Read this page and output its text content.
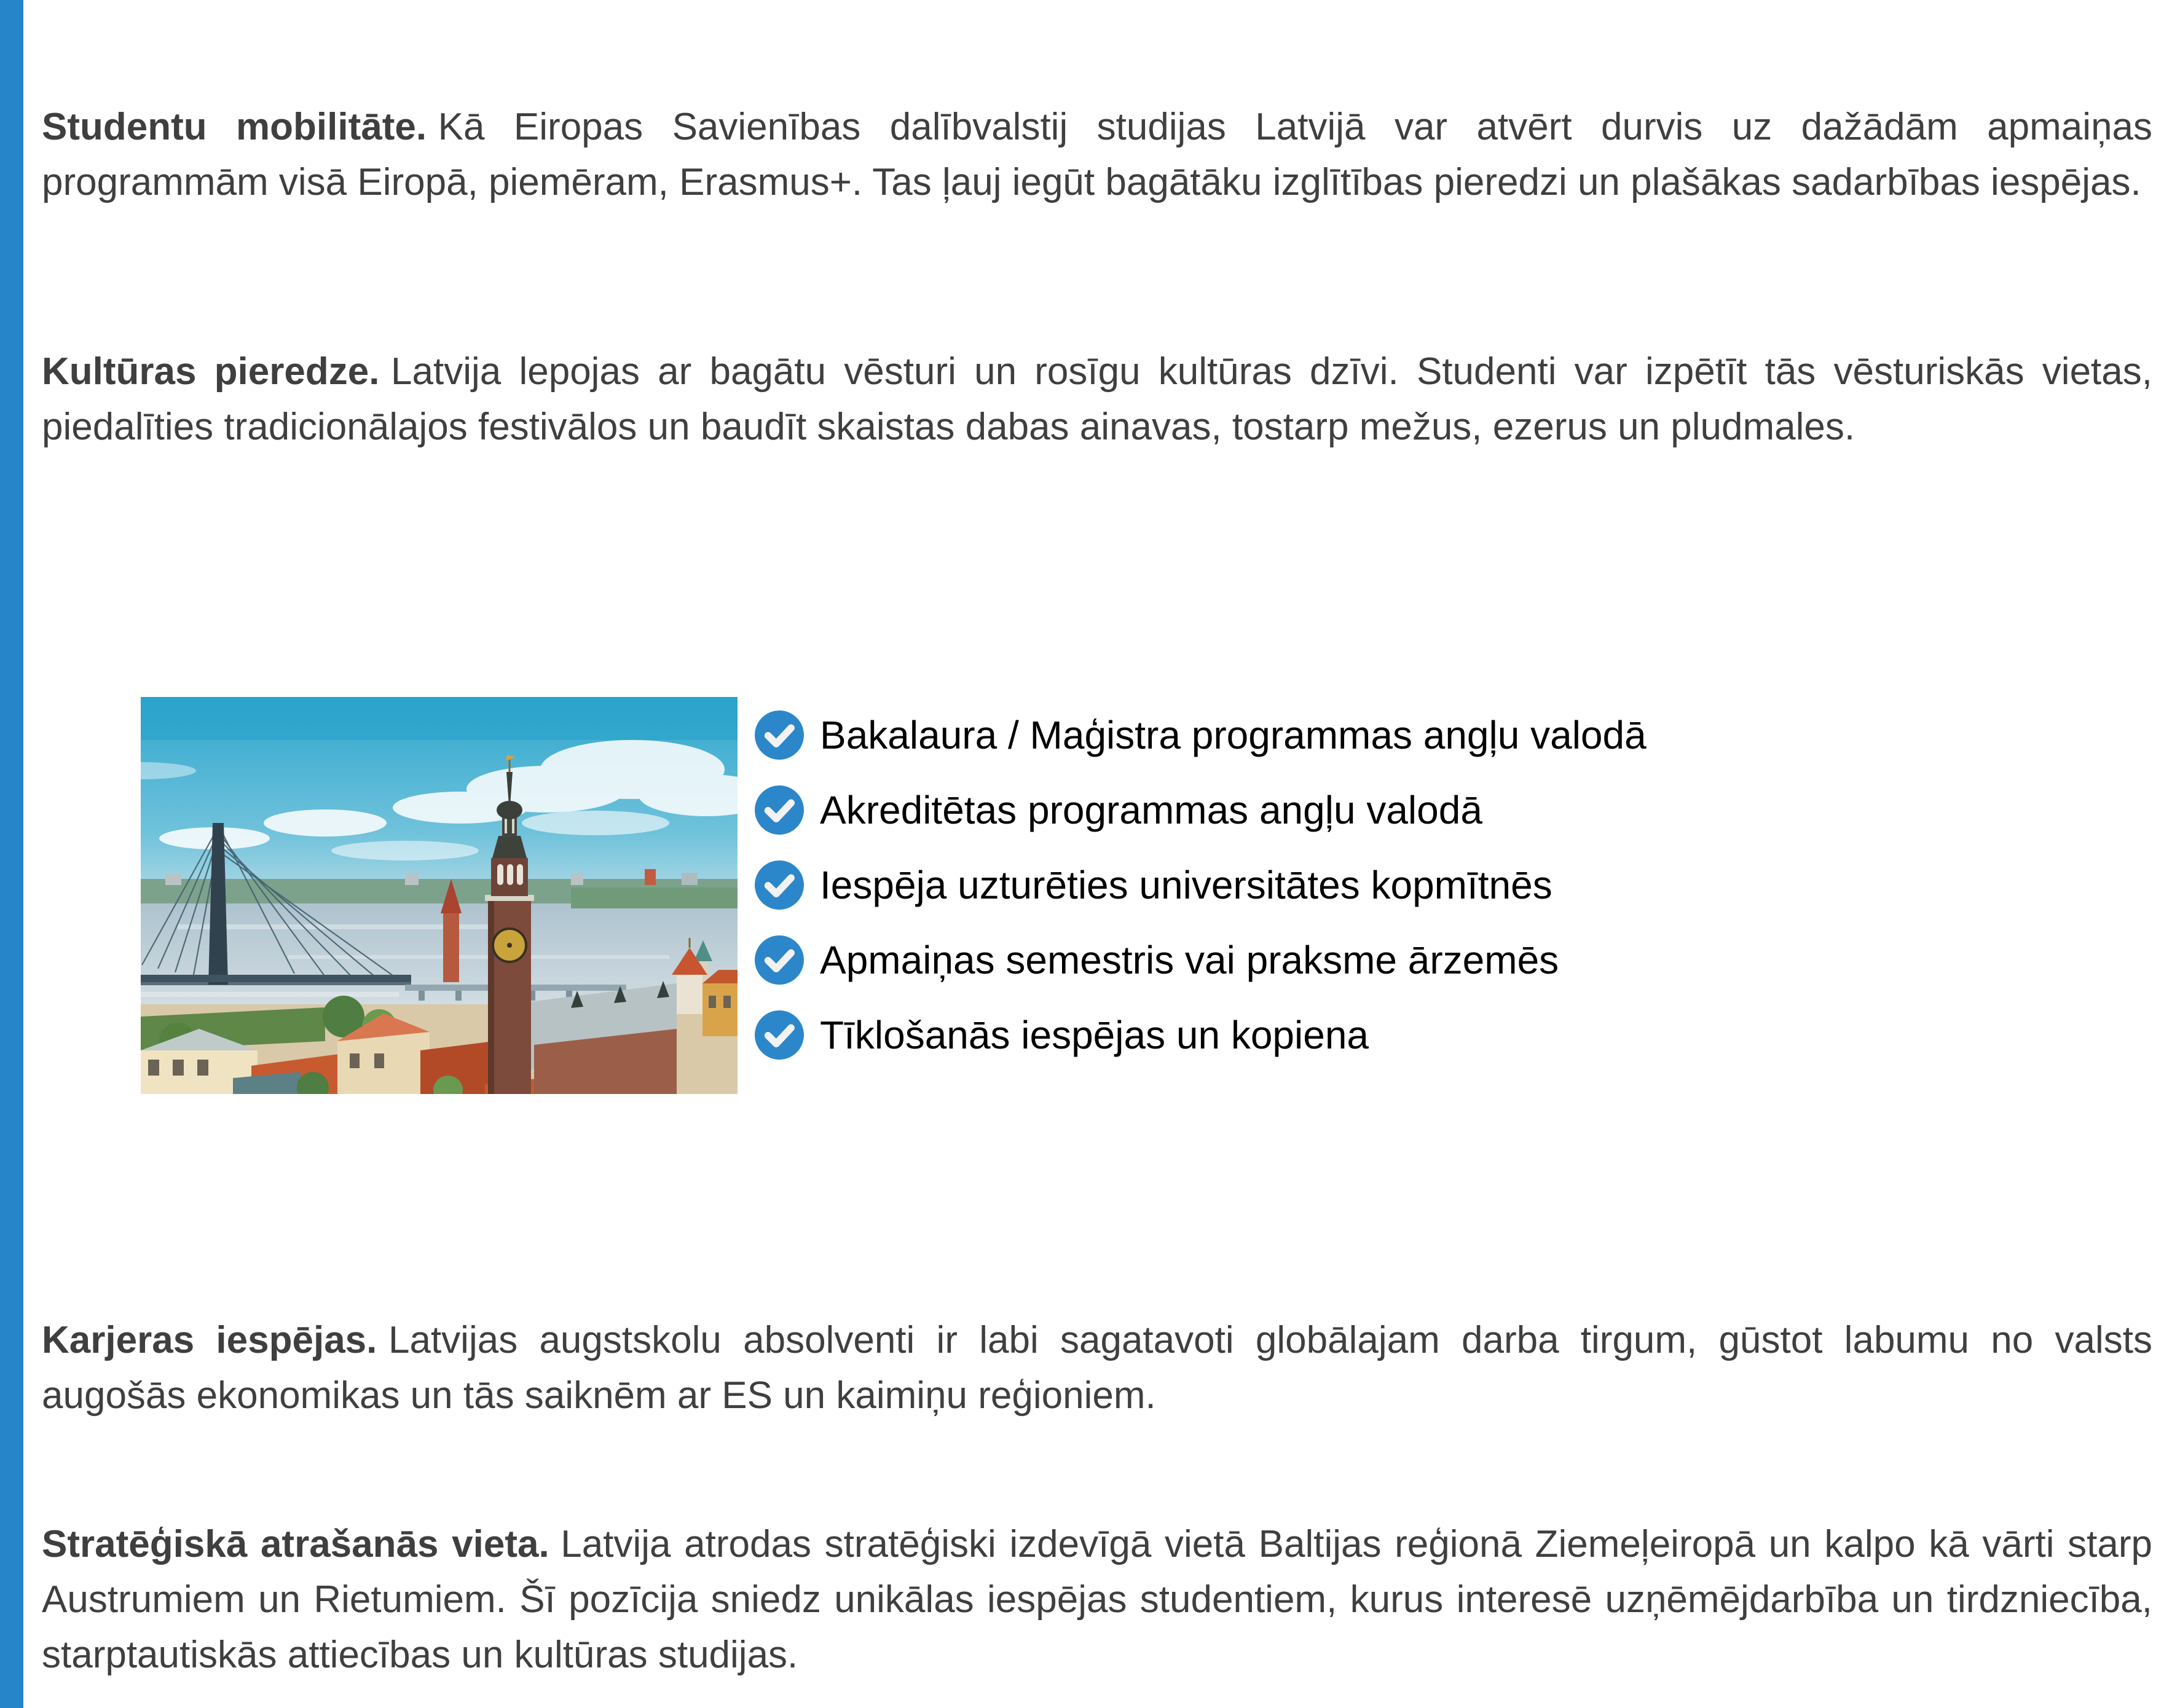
Studentu mobilitāte. Kā Eiropas Savienības dalībvalstij studijas Latvijā var atvērt durvis uz dažādām apmaiņas programmām visā Eiropā, piemēram, Erasmus+. Tas ļauj iegūt bagātāku izglītības pieredzi un plašākas sadarbības iespējas.

Kultūras pieredze. Latvija lepojas ar bagātu vēsturi un rosīgu kultūras dzīvi. Studenti var izpētīt tās vēsturiskās vietas, piedalīties tradicionālajos festivālos un baudīt skaistas dabas ainavas, tostarp mežus, ezerus un pludmales.

Bakalaura / Maģistra programmas angļu valodā
Akreditētas programmas angļu valodā
Iespēja uzturēties universitātes kopmītnēs
Apmaiņas semestris vai praksme ārzemēs
Tīklošanās iespējas un kopiena

Karjeras iespējas. Latvijas augstskolu absolventi ir labi sagatavoti globālajam darba tirgum, gūstot labumu no valsts augošās ekonomikas un tās saiknēm ar ES un kaimiņu reģioniem.

Stratēģiskā atrašanās vieta. Latvija atrodas stratēģiski izdevīgā vietā Baltijas reģionā Ziemeļeiropā un kalpo kā vārti starp Austrumiem un Rietumiem. Šī pozīcija sniedz unikālas iespējas studentiem, kurus interesē uzņēmējdarbība un tirdzniecība, starptautiskās attiecības un kultūras studijas.
